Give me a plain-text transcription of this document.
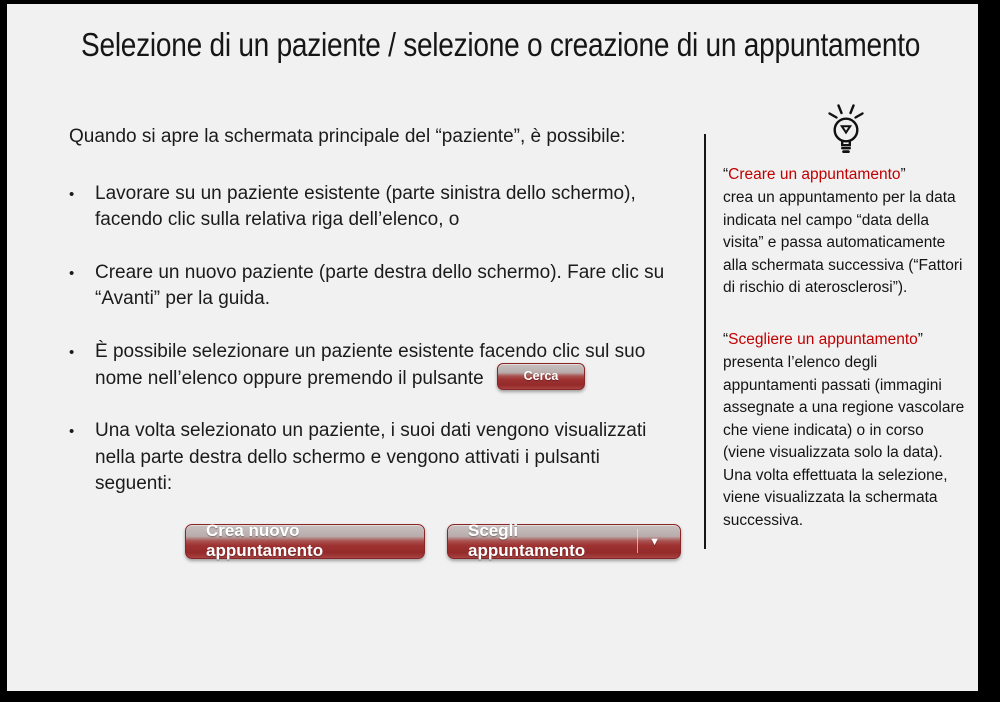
Selezione di un paziente / selezione o creazione di un appuntamento

Quando si apre la schermata principale del “paziente”, è possibile:

•	Lavorare su un paziente esistente (parte sinistra dello schermo), facendo clic sulla relativa riga dell’elenco, o
•	Creare un nuovo paziente (parte destra dello schermo). Fare clic su “Avanti” per la guida.
•	È possibile selezionare un paziente esistente facendo clic sul suo nome nell’elenco oppure premendo il pulsante	Cerca
•	Una volta selezionato un paziente, i suoi dati vengono visualizzati nella parte destra dello schermo e vengono attivati i pulsanti seguenti:
Crea nuovo appuntamento
Scegli appuntamento	▼
“Creare un appuntamento”
crea un appuntamento per la data indicata nel campo “data della visita” e passa automaticamente alla schermata successiva (“Fattori di rischio di aterosclerosi”).
“Scegliere un appuntamento”
presenta l’elenco degli appuntamenti passati (immagini assegnate a una regione vascolare che viene indicata) o in corso (viene visualizzata solo la data). Una volta effettuata la selezione, viene visualizzata la schermata successiva.
